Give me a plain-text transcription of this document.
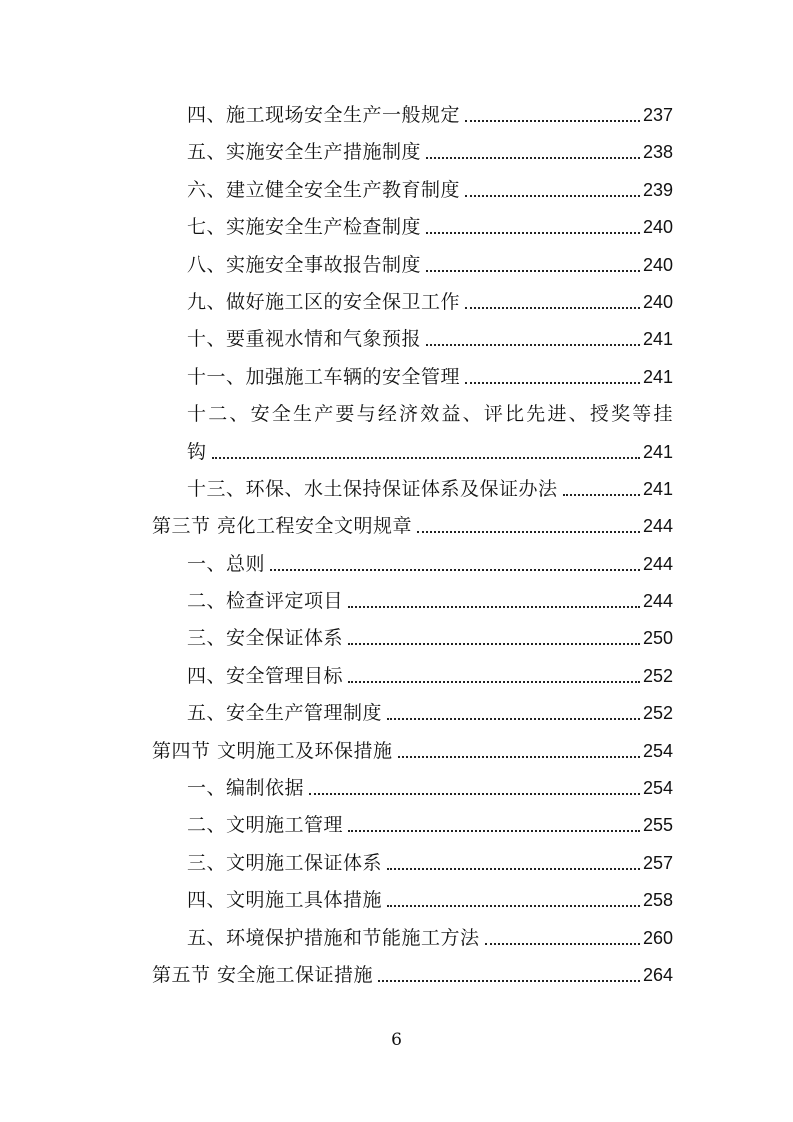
四、施工现场安全生产一般规定	237
五、实施安全生产措施制度	238
六、建立健全安全生产教育制度	239
七、实施安全生产检查制度	240
八、实施安全事故报告制度	240
九、做好施工区的安全保卫工作	240
十、要重视水情和气象预报	241
十一、加强施工车辆的安全管理	241
十二、安全生产要与经济效益、评比先进、授奖等挂
钩	241
十三、环保、水土保持保证体系及保证办法	241
第三节 亮化工程安全文明规章	244
一、总则	244
二、检查评定项目	244
三、安全保证体系	250
四、安全管理目标	252
五、安全生产管理制度	252
第四节 文明施工及环保措施	254
一、编制依据	254
二、文明施工管理	255
三、文明施工保证体系	257
四、文明施工具体措施	258
五、环境保护措施和节能施工方法	260
第五节 安全施工保证措施	264
6
